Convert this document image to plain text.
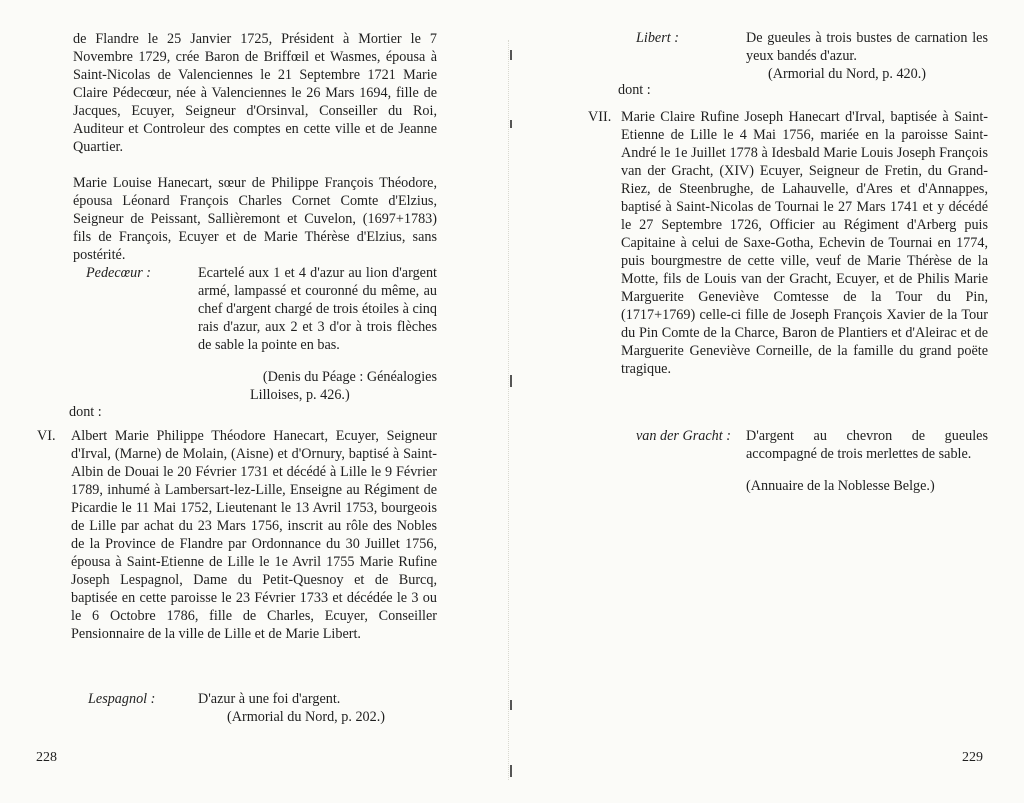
de Flandre le 25 Janvier 1725, Président à Mortier le 7 Novembre 1729, crée Baron de Briffœil et Wasmes, épousa à Saint-Nicolas de Valenciennes le 21 Septembre 1721 Marie Claire Pédecœur, née à Valenciennes le 26 Mars 1694, fille de Jacques, Ecuyer, Seigneur d'Orsinval, Conseiller du Roi, Auditeur et Controleur des comptes en cette ville et de Jeanne Quartier.
Marie Louise Hanecart, sœur de Philippe François Théodore, épousa Léonard François Charles Cornet Comte d'Elzius, Seigneur de Peissant, Sallièremont et Cuvelon, (1697+1783) fils de François, Ecuyer et de Marie Thérèse d'Elzius, sans postérité.
Pedecœur :	Ecartelé aux 1 et 4 d'azur au lion d'argent armé, lampassé et couronné du même, au chef d'argent chargé de trois étoiles à cinq rais d'azur, aux 2 et 3 d'or à trois flèches de sable la pointe en bas.
(Denis du Péage : Généalogies Lilloises, p. 426.)
dont :
VI. Albert Marie Philippe Théodore Hanecart, Ecuyer, Seigneur d'Irval, (Marne) de Molain, (Aisne) et d'Ornury, baptisé à Saint-Albin de Douai le 20 Février 1731 et décédé à Lille le 9 Février 1789, inhumé à Lambersart-lez-Lille, Enseigne au Régiment de Picardie le 11 Mai 1752, Lieutenant le 13 Avril 1753, bourgeois de Lille par achat du 23 Mars 1756, inscrit au rôle des Nobles de la Province de Flandre par Ordonnance du 30 Juillet 1756, épousa à Saint-Etienne de Lille le 1e Avril 1755 Marie Rufine Joseph Lespagnol, Dame du Petit-Quesnoy et de Burcq, baptisée en cette paroisse le 23 Février 1733 et décédée le 3 ou le 6 Octobre 1786, fille de Charles, Ecuyer, Conseiller Pensionnaire de la ville de Lille et de Marie Libert.
Lespagnol :	D'azur à une foi d'argent.
(Armorial du Nord, p. 202.)
228
Libert :	De gueules à trois bustes de carnation les yeux bandés d'azur.
(Armorial du Nord, p. 420.)
dont :
VII. Marie Claire Rufine Joseph Hanecart d'Irval, baptisée à Saint-Etienne de Lille le 4 Mai 1756, mariée en la paroisse Saint-André le 1e Juillet 1778 à Idesbald Marie Louis Joseph François van der Gracht, (XIV) Ecuyer, Seigneur de Fretin, du Grand-Riez, de Steenbrughe, de Lahauvelle, d'Ares et d'Annappes, baptisé à Saint-Nicolas de Tournai le 27 Mars 1741 et y décédé le 27 Septembre 1726, Officier au Régiment d'Arberg puis Capitaine à celui de Saxe-Gotha, Echevin de Tournai en 1774, puis bourgmestre de cette ville, veuf de Marie Thérèse de la Motte, fils de Louis van der Gracht, Ecuyer, et de Philis Marie Marguerite Geneviève Comtesse de la Tour du Pin, (1717+1769) celle-ci fille de Joseph François Xavier de la Tour du Pin Comte de la Charce, Baron de Plantiers et d'Aleirac et de Marguerite Geneviève Corneille, de la famille du grand poëte tragique.
van der Gracht : D'argent au chevron de gueules accompagné de trois merlettes de sable.
(Annuaire de la Noblesse Belge.)
229
